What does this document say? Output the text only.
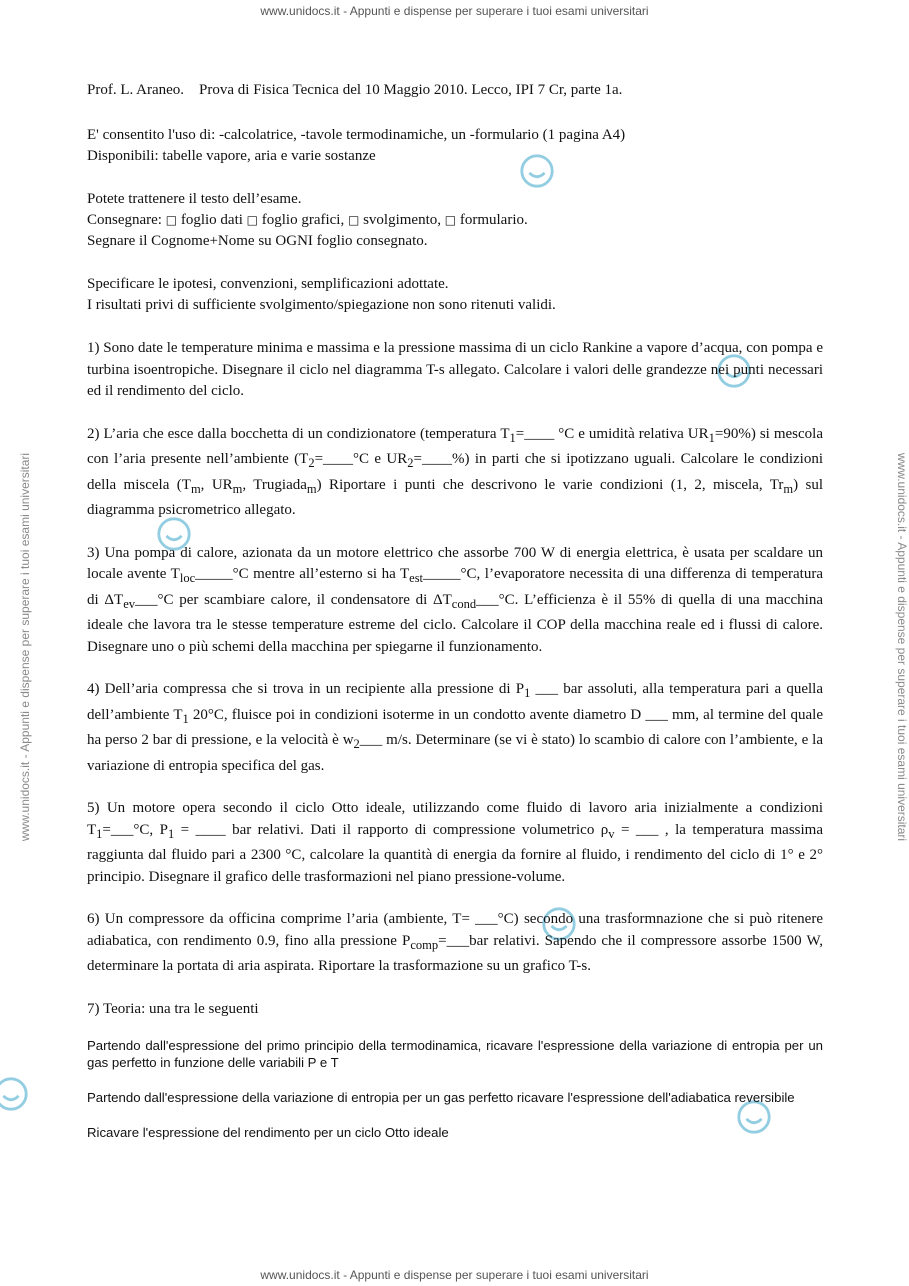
www.unidocs.it - Appunti e dispense per superare i tuoi esami universitari
www.unidocs.it - Appunti e dispense per superare i tuoi esami universitari	www.unidocs.it - Appunti e dispense per superare i tuoi esami universitari
www.unidocs.it - Appunti e dispense per superare i tuoi esami universitari

Prof. L. Araneo.    Prova di Fisica Tecnica del 10 Maggio 2010. Lecco, IPI 7 Cr, parte 1a.

E' consentito l'uso di: -calcolatrice, -tavole termodinamiche, un -formulario (1 pagina A4)

Disponibili: tabelle vapore, aria e varie sostanze

Potete trattenere il testo dell’esame.

Consegnare: □ foglio dati □ foglio grafici, □ svolgimento, □ formulario.

Segnare il Cognome+Nome su OGNI foglio consegnato.

Specificare le ipotesi, convenzioni, semplificazioni adottate.

I risultati privi di sufficiente svolgimento/spiegazione non sono ritenuti validi.

1) Sono date le temperature minima e massima e la pressione massima di un ciclo Rankine a vapore d’acqua, con pompa e turbina isoentropiche. Disegnare il ciclo nel diagramma T-s allegato. Calcolare i valori delle grandezze nei punti necessari ed il rendimento del ciclo.

2) L’aria che esce dalla bocchetta di un condizionatore (temperatura $T_1=\_\_\_\_$ °C e umidità relativa $UR_1=90\%$) si mescola con l’aria presente nell’ambiente ($T_2=\_\_\_\_^\circ C$ e $UR_2=\_\_\_\_\%$) in parti che si ipotizzano uguali. Calcolare le condizioni della miscela ($T_m$, $UR_m$, Trugiada$_m$) Riportare i punti che descrivono le varie condizioni (1, 2, miscela, $Tr_m$) sul diagramma psicrometrico allegato.

3) Una pompa di calore, azionata da un motore elettrico che assorbe 700 W di energia elettrica, è usata per scaldare un locale avente $T_{loc}\_\_\_\_\_^\circ C$ mentre all’esterno si ha $T_{est}\_\_\_\_\_^\circ C$, l’evaporatore necessita di una differenza di temperatura di $\Delta T_{ev}\_\_\_^\circ C$ per scambiare calore, il condensatore di $\Delta T_{cond}\_\_\_^\circ C$. L’efficienza è il 55% di quella di una macchina ideale che lavora tra le stesse temperature estreme del ciclo. Calcolare il COP della macchina reale ed i flussi di calore. Disegnare uno o più schemi della macchina per spiegarne il funzionamento.

4) Dell’aria compressa che si trova in un recipiente alla pressione di $P_1$ ___ bar assoluti, alla temperatura pari a quella dell’ambiente $T_1$ 20°C, fluisce poi in condizioni isoterme in un condotto avente diametro D ___ mm, al termine del quale ha perso 2 bar di pressione, e la velocità è $w_2\_\_\_$ m/s. Determinare (se vi è stato) lo scambio di calore con l’ambiente, e la variazione di entropia specifica del gas.

5) Un motore opera secondo il ciclo Otto ideale, utilizzando come fluido di lavoro aria inizialmente a condizioni $T_1=\_\_\_^\circ C$, $P_1$ = ____ bar relativi. Dati il rapporto di compressione volumetrico $\rho_v$ = ___ , la temperatura massima raggiunta dal fluido pari a 2300 °C, calcolare la quantità di energia da fornire al fluido, i rendimento del ciclo di 1° e 2° principio. Disegnare il grafico delle trasformazioni nel piano pressione-volume.

6) Un compressore da officina comprime l’aria (ambiente, T= ___°C) secondo una trasformnazione che si può ritenere adiabatica, con rendimento 0.9, fino alla pressione $P_{comp}=\_\_\_bar$ relativi. Sapendo che il compressore assorbe 1500 W, determinare la portata di aria aspirata. Riportare la trasformazione su un grafico T-s.

7) Teoria: una tra le seguenti

Partendo dall'espressione del primo principio della termodinamica, ricavare l'espressione della variazione di entropia per un gas perfetto in funzione delle variabili P e T

Partendo dall'espressione della variazione di entropia per un gas perfetto ricavare l'espressione dell'adiabatica reversibile

Ricavare l'espressione del rendimento per un ciclo Otto ideale
